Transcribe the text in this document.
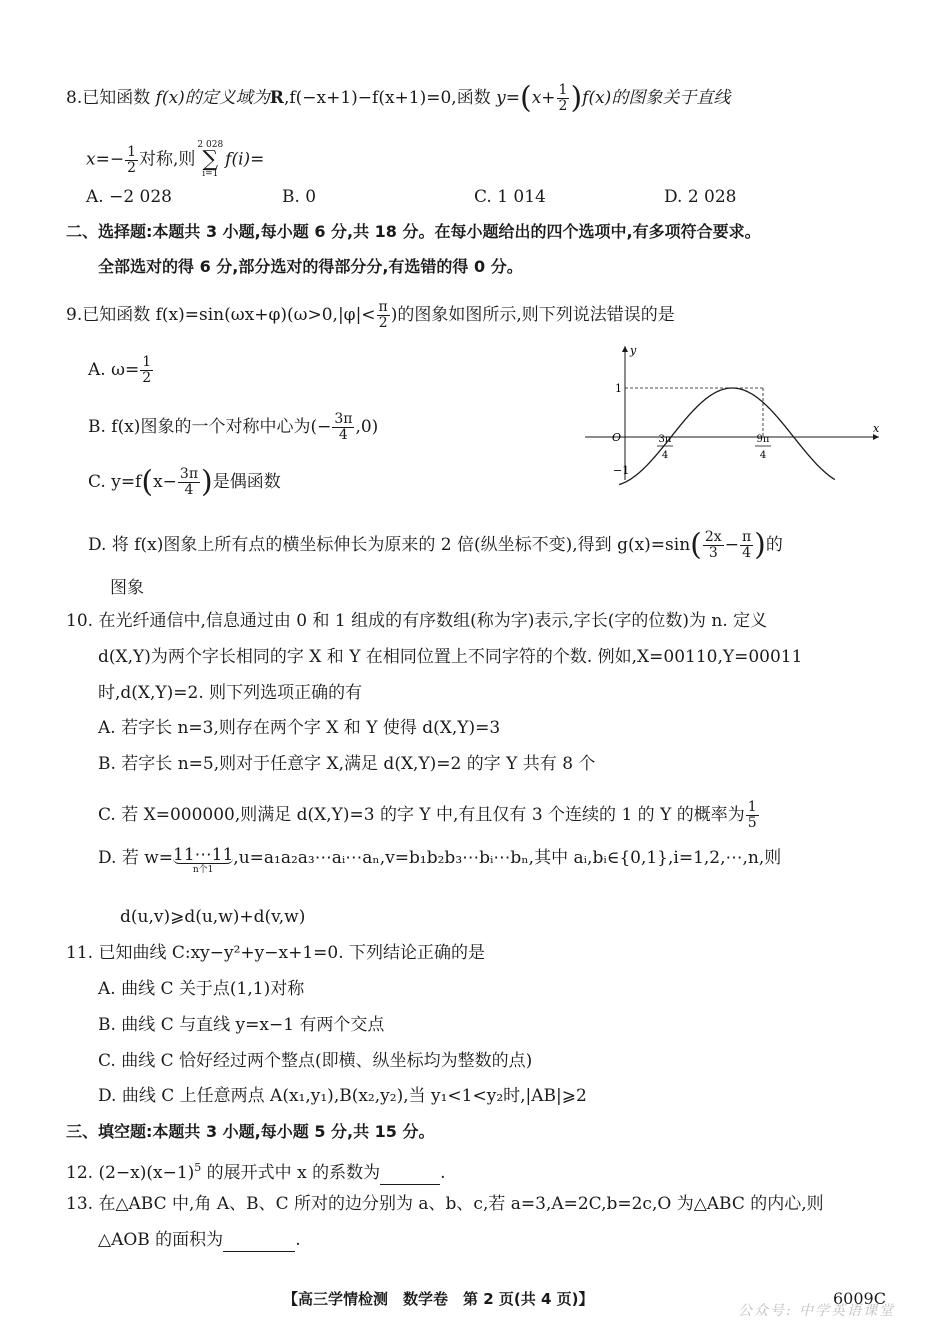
8.已知函数 f(x)的定义域为R,f(−x+1)−f(x+1)=0,函数 $y=(x+ \frac{1}{2} )f(x)$的图象关于直线
$x=- \frac{1}{2}$ 对称,则
2 028
∑
i=1
f(i)=
A. −2 028	B. 0	C. 1 014	D. 2 028
二、选择题:本题共 3 小题,每小题 6 分,共 18 分。在每小题给出的四个选项中,有多项符合要求。
全部选对的得 6 分,部分选对的得部分分,有选错的得 0 分。
9.已知函数 $f(x)=\sin(\omega x+\varphi)(\omega>0,|\varphi|< \frac{\pi}{2}$ )的图象如图所示,则下列说法错误的是
A. $\omega= \frac{1}{2}$
B. f(x)图象的一个对称中心为(− $\frac{3\pi}{4} ,0$)
C. $y=f(x- \frac{3\pi}{4}$ )是偶函数
D. 将 f(x)图象上所有点的横坐标伸长为原来的 2 倍(纵坐标不变),得到 $g(x)=\sin( \frac{2x}{3} - \frac{\pi}{4}$ )的
图象
y
x
O
1
−1
3π
4
9π
4
10. 在光纤通信中,信息通过由 0 和 1 组成的有序数组(称为字)表示,字长(字的位数)为 n. 定义
d(X,Y)为两个字长相同的字 X 和 Y 在相同位置上不同字符的个数. 例如,X=00110,Y=00011
时,d(X,Y)=2. 则下列选项正确的有
A. 若字长 n=3,则存在两个字 X 和 Y 使得 d(X,Y)=3
B. 若字长 n=5,则对于任意字 X,满足 d(X,Y)=2 的字 Y 共有 8 个
C. 若 X=000000,则满足 d(X,Y)=3 的字 Y 中,有且仅有 3 个连续的 1 的 Y 的概率为 $\frac{1}{5}$
D. 若 w= 11⋯11
n个1
,u=a₁a₂a₃⋯aᵢ⋯aₙ,v=b₁b₂b₃⋯bᵢ⋯bₙ,其中 aᵢ,bᵢ∈{0,1},i=1,2,⋯,n,则
d(u,v)⩾d(u,w)+d(v,w)
11. 已知曲线 C:xy−y²+y−x+1=0. 下列结论正确的是
A. 曲线 C 关于点(1,1)对称
B. 曲线 C 与直线 y=x−1 有两个交点
C. 曲线 C 恰好经过两个整点(即横、纵坐标均为整数的点)
D. 曲线 C 上任意两点 A(x₁,y₁),B(x₂,y₂),当 y₁<1<y₂时,|AB|⩾2
三、填空题:本题共 3 小题,每小题 5 分,共 15 分。
12. $(2-x)(x-1)^5$ 的展开式中 x 的系数为	.
13. 在△ABC 中,角 A、B、C 所对的边分别为 a、b、c,若 a=3,A=2C,b=2c,O 为△ABC 的内心,则
△AOB 的面积为	.
【高三学情检测　数学卷　第 2 页(共 4 页)】	6009C
公众号: 中学英语课堂
